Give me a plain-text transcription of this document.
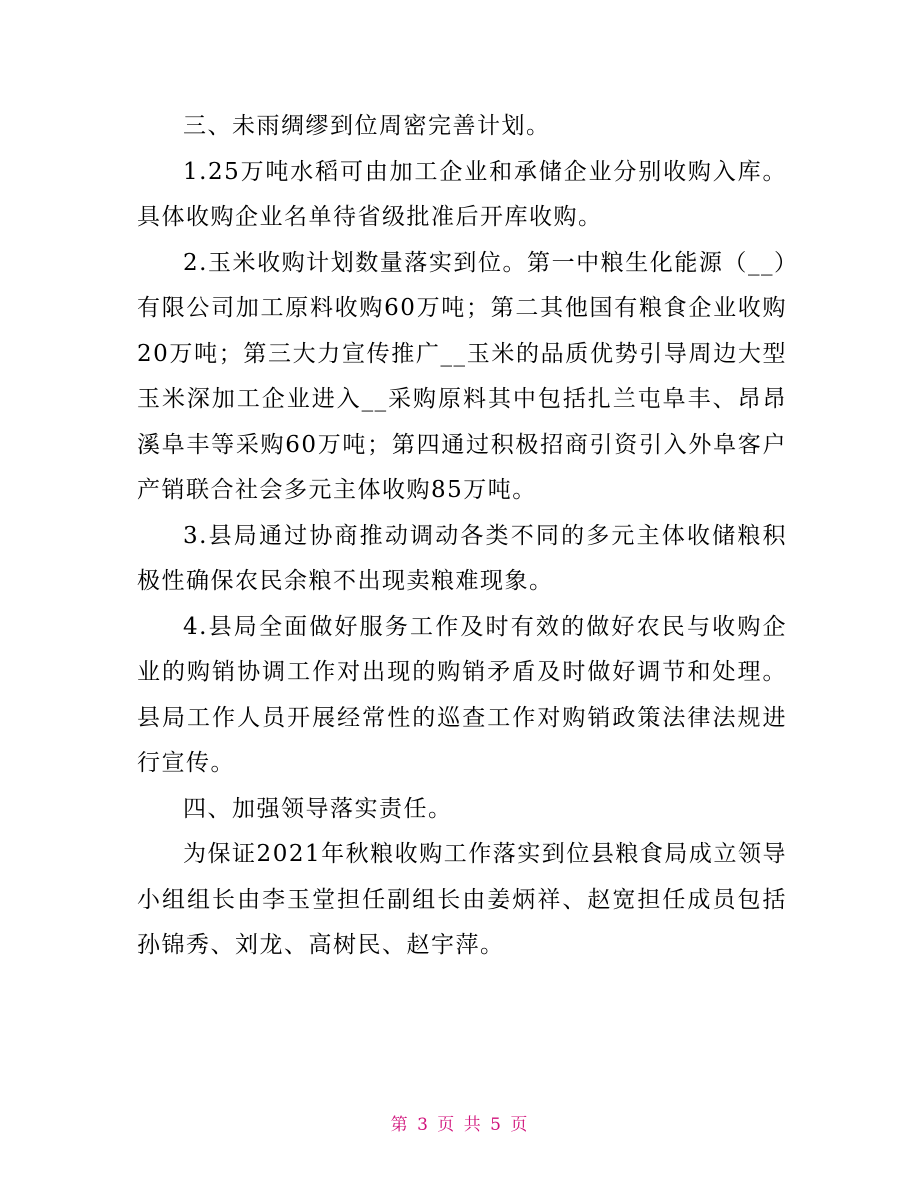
三、未雨绸缪到位周密完善计划。

1.25万吨水稻可由加工企业和承储企业分别收购入库。具体收购企业名单待省级批准后开库收购。

2.玉米收购计划数量落实到位。第一中粮生化能源（__）有限公司加工原料收购60万吨；第二其他国有粮食企业收购20万吨；第三大力宣传推广__玉米的品质优势引导周边大型玉米深加工企业进入__采购原料其中包括扎兰屯阜丰、昂昂溪阜丰等采购60万吨；第四通过积极招商引资引入外阜客户产销联合社会多元主体收购85万吨。

3.县局通过协商推动调动各类不同的多元主体收储粮积极性确保农民余粮不出现卖粮难现象。

4.县局全面做好服务工作及时有效的做好农民与收购企业的购销协调工作对出现的购销矛盾及时做好调节和处理。县局工作人员开展经常性的巡查工作对购销政策法律法规进行宣传。

四、加强领导落实责任。

为保证2021年秋粮收购工作落实到位县粮食局成立领导小组组长由李玉堂担任副组长由姜炳祥、赵宽担任成员包括孙锦秀、刘龙、高树民、赵宇萍。

第 3 页 共 5 页
